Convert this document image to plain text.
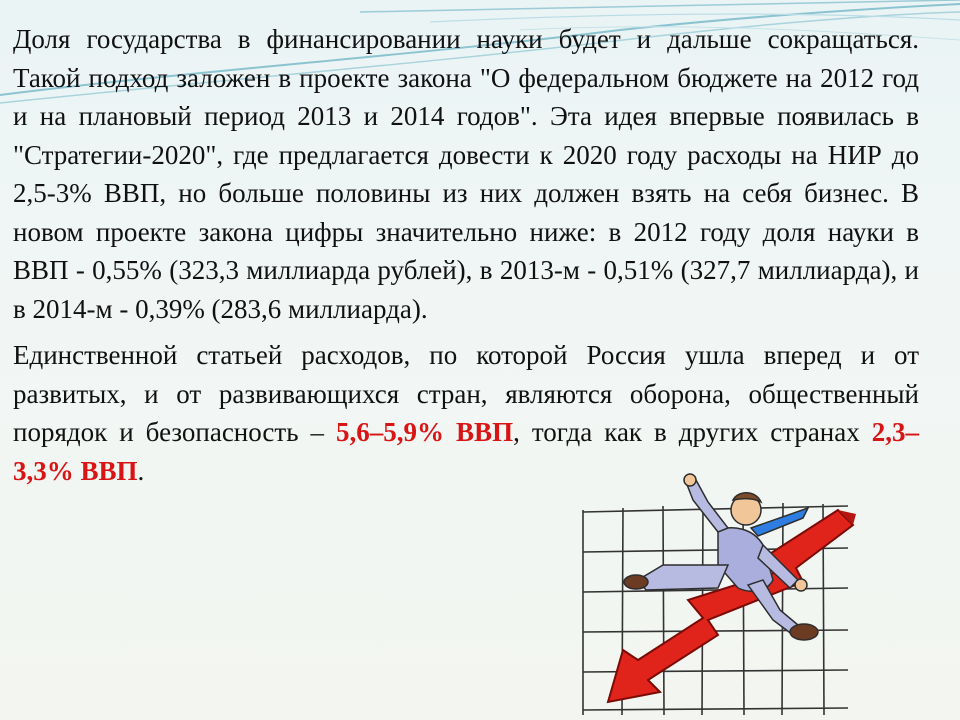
Доля государства в финансировании науки будет и дальше сокращаться. Такой подход заложен в проекте закона "О федеральном бюджете на 2012 год и на плановый период 2013 и 2014 годов". Эта идея впервые появилась в "Стратегии-2020", где предлагается довести к 2020 году расходы на НИР до 2,5-3% ВВП, но больше половины из них должен взять на себя бизнес. В новом проекте закона цифры значительно ниже: в 2012 году доля науки в ВВП - 0,55% (323,3 миллиарда рублей), в 2013-м - 0,51% (327,7 миллиарда), и в 2014-м - 0,39% (283,6 миллиарда).

Единственной статьей расходов, по которой Россия ушла вперед и от развитых, и от развивающихся стран, являются оборона, общественный порядок и безопасность – 5,6–5,9% ВВП, тогда как в других странах 2,3–3,3% ВВП.
